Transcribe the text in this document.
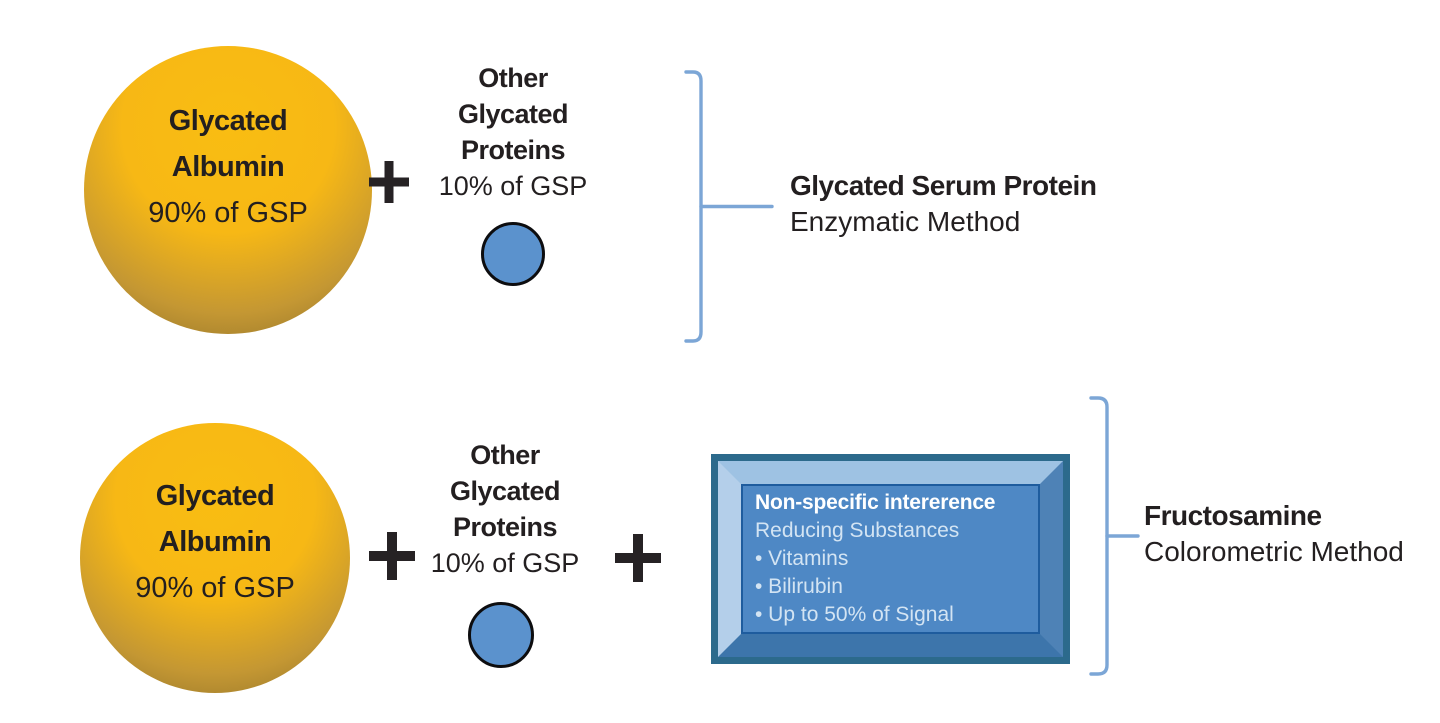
Glycated
Albumin
90% of GSP
Other
Glycated
Proteins
10% of GSP	Glycated Serum Protein
Enzymatic Method
Glycated
Albumin
90% of GSP
Other
Glycated
Proteins
10% of GSP
Non-specific intererence
Reducing Substances
• Vitamins
• Bilirubin
• Up to 50% of Signal
Fructosamine
Colorometric Method
